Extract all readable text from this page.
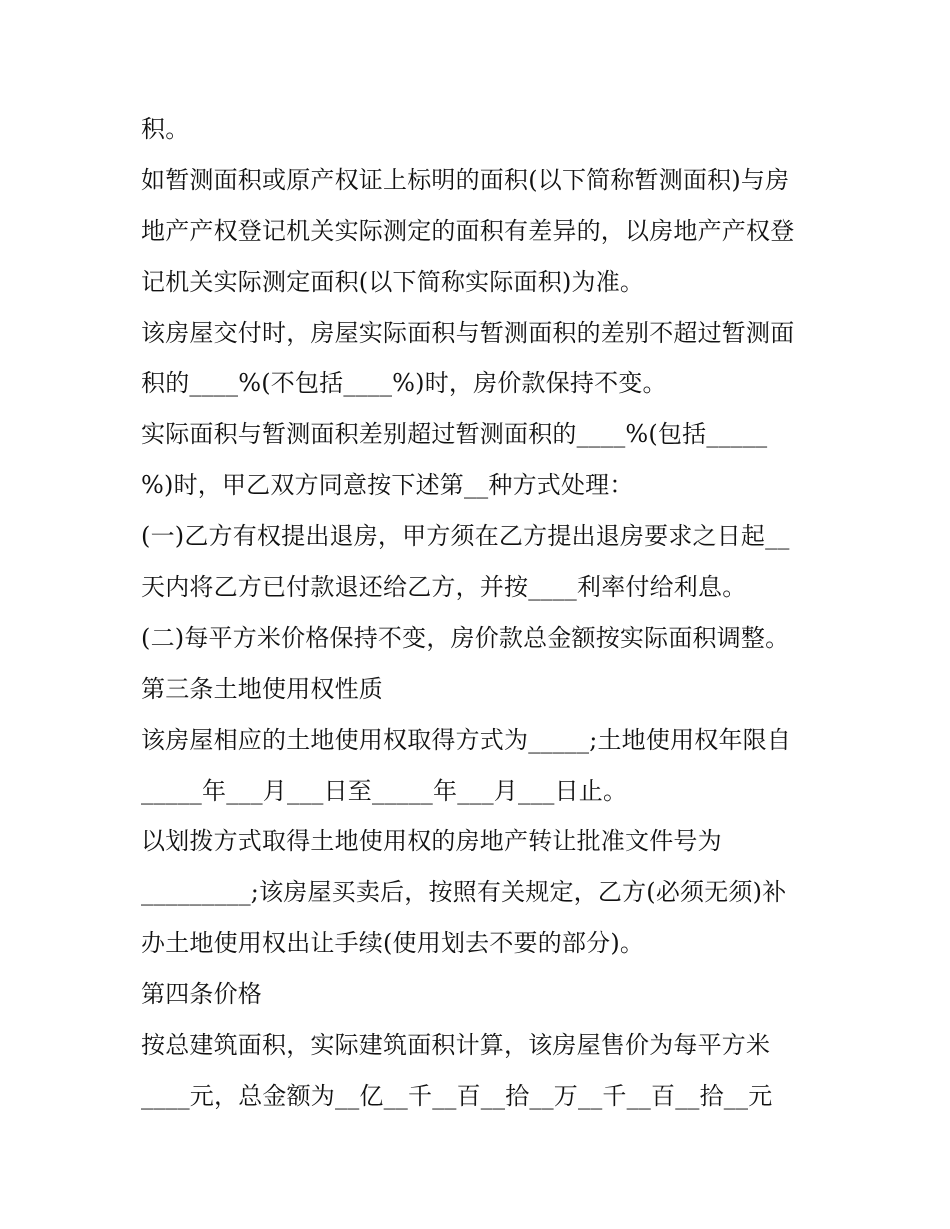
积。
如暂测面积或原产权证上标明的面积(以下简称暂测面积)与房
地产产权登记机关实际测定的面积有差异的，以房地产产权登
记机关实际测定面积(以下简称实际面积)为准。
该房屋交付时，房屋实际面积与暂测面积的差别不超过暂测面
积的____%(不包括____%)时，房价款保持不变。
实际面积与暂测面积差别超过暂测面积的____%(包括_____
%)时，甲乙双方同意按下述第__种方式处理：
(一)乙方有权提出退房，甲方须在乙方提出退房要求之日起__
天内将乙方已付款退还给乙方，并按____利率付给利息。
(二)每平方米价格保持不变，房价款总金额按实际面积调整。
第三条土地使用权性质
该房屋相应的土地使用权取得方式为_____;土地使用权年限自
_____年___月___日至_____年___月___日止。
以划拨方式取得土地使用权的房地产转让批准文件号为
_________;该房屋买卖后，按照有关规定，乙方(必须无须)补
办土地使用权出让手续(使用划去不要的部分)。
第四条价格
按总建筑面积，实际建筑面积计算，该房屋售价为每平方米
____元，总金额为__亿__千__百__拾__万__千__百__拾__元
